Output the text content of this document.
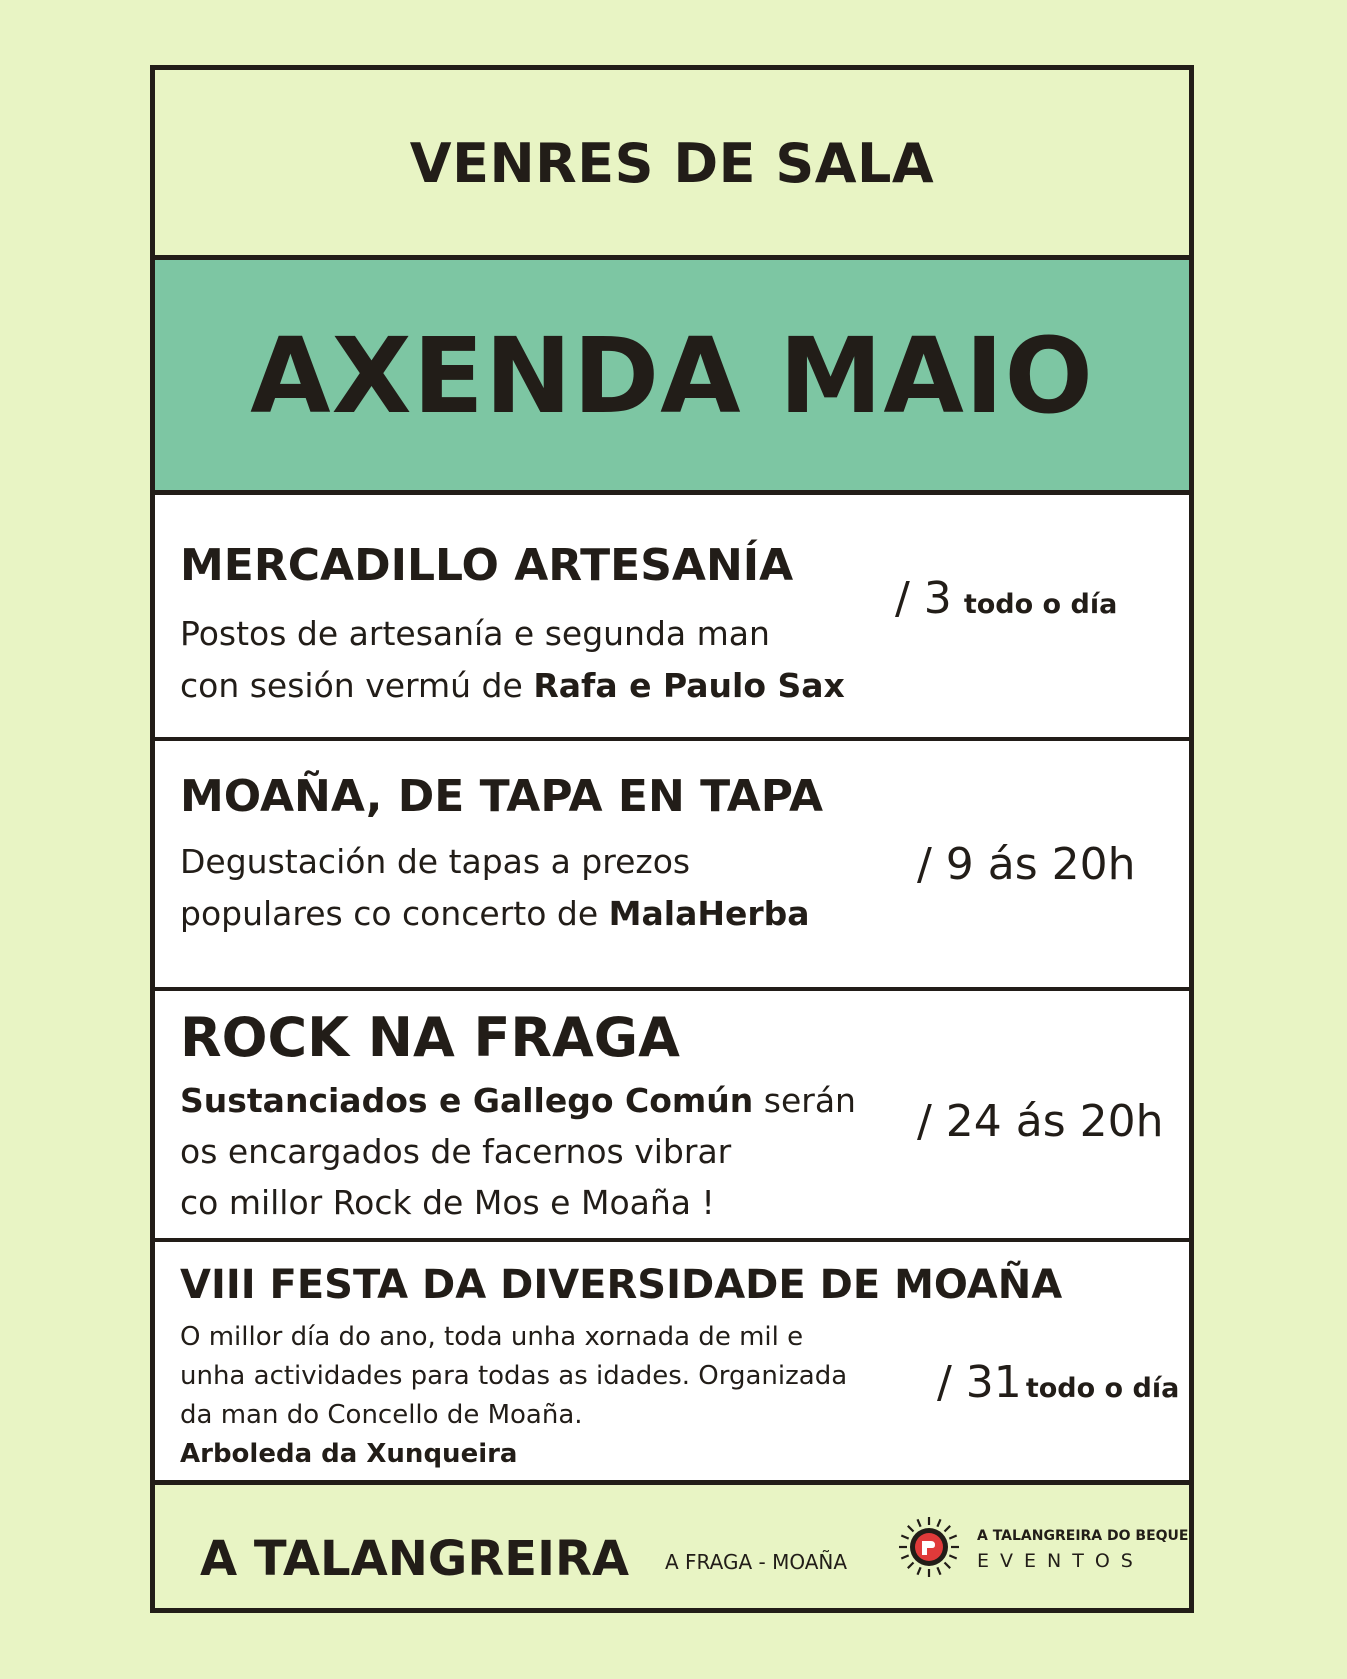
VENRES DE SALA
AXENDA MAIO
MERCADILLO ARTESANÍA

Postos de artesanía e segunda man

con sesión vermú de Rafa e Paulo Sax

/ 3 todo o día
MOAÑA, DE TAPA EN TAPA

Degustación de tapas a prezos

populares co concerto de MalaHerba

/ 9 ás 20h
ROCK NA FRAGA

Sustanciados e Gallego Común serán

os encargados de facernos vibrar

co millor Rock de Mos e Moaña !

/ 24 ás 20h
VIII FESTA DA DIVERSIDADE DE MOAÑA

O millor día do ano, toda unha xornada de mil e

unha actividades para todas as idades. Organizada

da man do Concello de Moaña.

Arboleda da Xunqueira

/ 31 todo o día
A TALANGREIRA A FRAGA - MOAÑA
A TALANGREIRA DO BEQUE
EVENTOS
